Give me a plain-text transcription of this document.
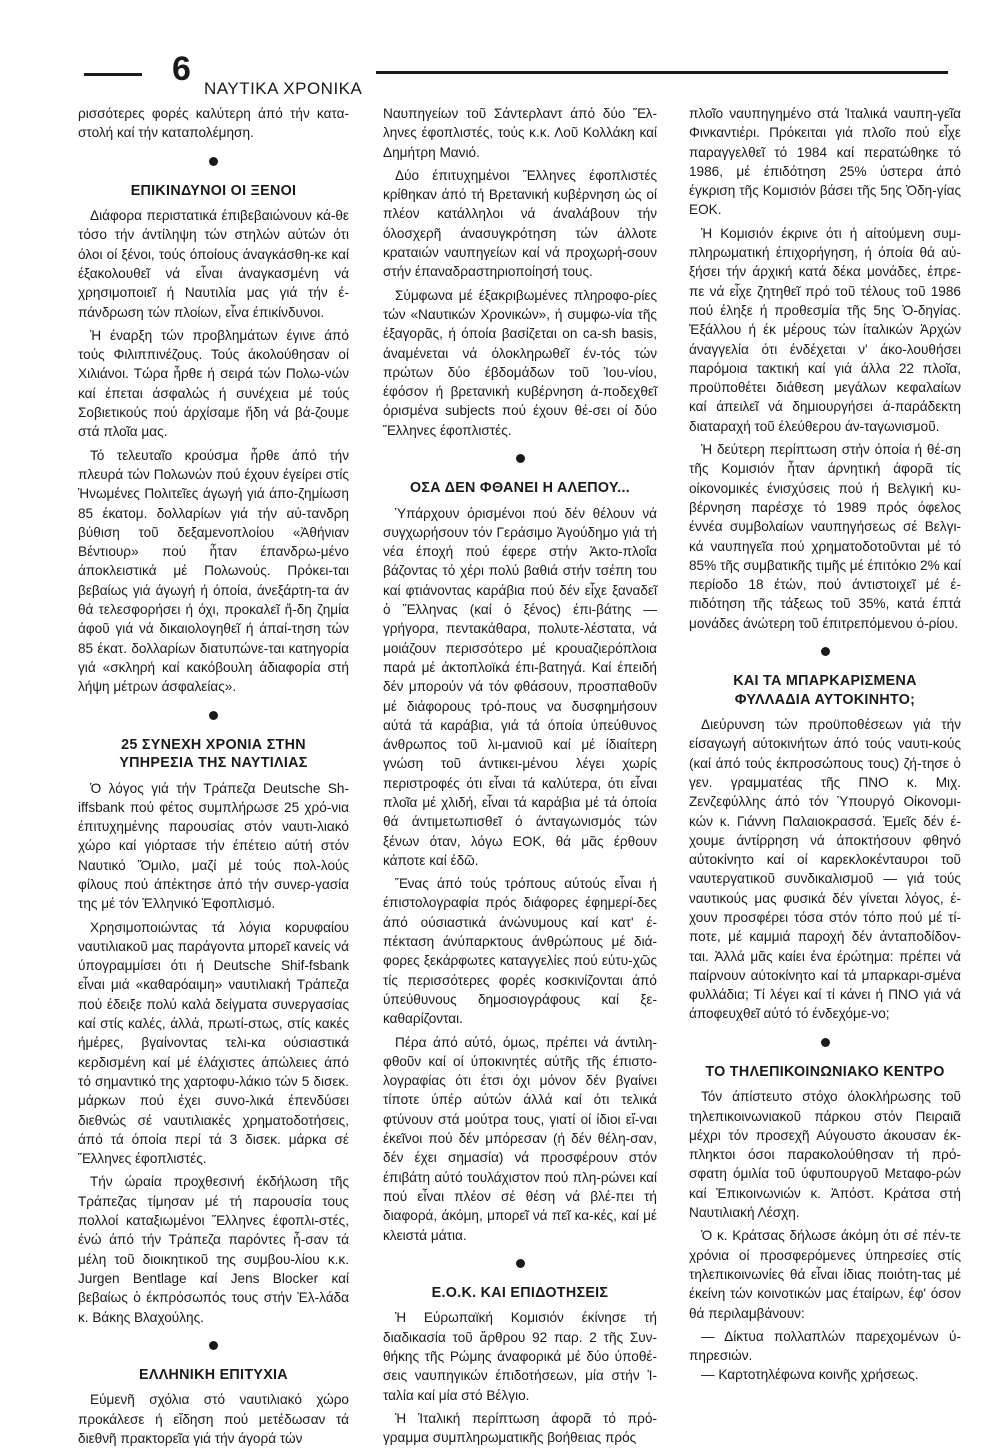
6
ΝΑΥΤΙΚΑ ΧΡΟΝΙΚΑ

ρισσότερες φορές καλύτερη άπό τήν κατα-στολή καί τήν καταπολέμηση.

ΕΠΙΚΙΝΔΥΝΟΙ ΟΙ ΞΕΝΟΙ

Διάφορα περιστατικά έπιβεβαιώνουν κά-θε τόσο τήν άντίληψη τών στηλών αύτών ότι όλοι οί ξένοι, τούς όποίους άναγκάσθη-κε καί έξακολουθεῖ νά εἶναι άναγκασμένη νά χρησιμοποιεῖ ή Ναυτιλία μας γιά τήν έ-πάνδρωση τών πλοίων, εἶνα έπικίνδυνοι.

Ἡ έναρξη τών προβλημάτων έγινε άπό τούς Φιλιππινέζους. Τούς άκολούθησαν οί Χιλιάνοι. Τώρα ἦρθε ή σειρά τών Πολω-νών καί έπεται άσφαλώς ή συνέχεια μέ τούς Σοβιετικούς πού άρχίσαμε ἤδη νά βά-ζουμε στά πλοῖα μας.

Τό τελευταῖο κρούσμα ἦρθε άπό τήν πλευρά τών Πολωνών πού έχουν έγείρει στίς Ἡνωμένες Πολιτεῖες άγωγή γιά άπο-ζημίωση 85 έκατομ. δολλαρίων γιά τήν αύ-τανδρη βύθιση τοῦ δεξαμενοπλοίου «Ἀθήνιαν Βέντιουρ» πού ἦταν έπανδρω-μένο άποκλειστικά μέ Πολωνούς. Πρόκει-ται βεβαίως γιά άγωγή ή όποία, άνεξάρτη-τα άν θά τελεσφορήσει ή όχι, προκαλεῖ ἤ-δη ζημία άφοῦ γιά νά δικαιολογηθεῖ ή άπαί-τηση τών 85 έκατ. δολλαρίων διατυπώνε-ται κατηγορία γιά «σκληρή καί κακόβουλη άδιαφορία στή λήψη μέτρων άσφαλείας».

25 ΣΥΝΕΧΗ ΧΡΟΝΙΑ ΣΤΗΝ
ΥΠΗΡΕΣΙΑ ΤΗΣ ΝΑΥΤΙΛΙΑΣ

Ὁ λόγος γιά τήν Τράπεζα Deutsche Sh-iffsbank πού φέτος συμπλήρωσε 25 χρό-νια έπιτυχημένης παρουσίας στόν ναυτι-λιακό χώρο καί γιόρτασε τήν έπέτειο αύτή στόν Ναυτικό Ὅμιλο, μαζί μέ τούς πολ-λούς φίλους πού άπέκτησε άπό τήν συνερ-γασία της μέ τόν Ἑλληνικό Ἐφοπλισμό.

Χρησιμοποιώντας τά λόγια κορυφαίου ναυτιλιακοῦ μας παράγοντα μπορεῖ κανείς νά ύπογραμμίσει ότι ή Deutsche Shif-fsbank εἶναι μιά «καθαρόαιμη» ναυτιλιακή Τράπεζα πού έδειξε πολύ καλά δείγματα συνεργασίας καί στίς καλές, άλλά, πρωτί-στως, στίς κακές ήμέρες, βγαίνοντας τελι-κα ούσιαστικά κερδισμένη καί μέ έλάχιστες άπώλειες άπό τό σημαντικό της χαρτοφυ-λάκιο τών 5 δισεκ. μάρκων πού έχει συνο-λικά έπενδύσει διεθνώς σέ ναυτιλιακές χρηματοδοτήσεις, άπό τά όποία περί τά 3 δισεκ. μάρκα σέ Ἕλληνες έφοπλιστές.

Τήν ώραία προχθεσινή έκδήλωση τῆς Τράπεζας τίμησαν μέ τή παρουσία τους πολλοί καταξιωμένοι Ἕλληνες έφοπλι-στές, ένώ άπό τήν Τράπεζα παρόντες ἦ-σαν τά μέλη τοῦ διοικητικοῦ της συμβου-λίου κ.κ. Jurgen Bentlage καί Jens Blocker καί βεβαίως ὁ έκπρόσωπός τους στήν Ἑλ-λάδα κ. Βάκης Βλαχούλης.

ΕΛΛΗΝΙΚΗ ΕΠΙΤΥΧΙΑ

Εύμενῆ σχόλια στό ναυτιλιακό χώρο προκάλεσε ή εἴδηση πού μετέδωσαν τά διεθνῆ πρακτορεῖα γιά τήν άγορά τών

Ναυπηγείων τοῦ Σάντερλαντ άπό δύο Ἕλ-ληνες έφοπλιστές, τούς κ.κ. Λοῦ Κολλάκη καί Δημήτρη Μανιό.

Δύο έπιτυχημένοι Ἕλληνες έφοπλιστές κρίθηκαν άπό τή Βρετανική κυβέρνηση ώς οί πλέον κατάλληλοι νά άναλάβουν τήν όλοσχερῆ άνασυγκρότηση τών άλλοτε κραταιών ναυπηγείων καί νά προχωρή-σουν στήν έπαναδραστηριοποίησή τους.

Σύμφωνα μέ έξακριβωμένες πληροφο-ρίες τών «Ναυτικών Χρονικών», ή συμφω-νία τῆς έξαγορᾶς, ή όποία βασίζεται on ca-sh basis, άναμένεται νά όλοκληρωθεῖ έν-τός τών πρώτων δύο έβδομάδων τοῦ Ἰου-νίου, έφόσον ή βρετανική κυβέρνηση ά-ποδεχθεῖ όρισμένα subjects πού έχουν θέ-σει οί δύο Ἕλληνες έφοπλιστές.

ΟΣΑ ΔΕΝ ΦΘΑΝΕΙ Η ΑΛΕΠΟΥ...

Ὑπάρχουν όρισμένοι πού δέν θέλουν νά συγχωρήσουν τόν Γεράσιμο Ἀγούδημο γιά τή νέα έποχή πού έφερε στήν Ἀκτο-πλοΐα βάζοντας τό χέρι πολύ βαθιά στήν τσέπη του καί φτιάνοντας καράβια πού δέν εἶχε ξαναδεῖ ὁ Ἕλληνας (καί ὁ ξένος) έπι-βάτης — γρήγορα, πεντακάθαρα, πολυτε-λέστατα, νά μοιάζουν περισσότερο μέ κρουαζιερόπλοια παρά μέ άκτοπλοϊκά έπι-βατηγά. Καί έπειδή δέν μπορούν νά τόν φθάσουν, προσπαθοῦν μέ διάφορους τρό-πους να δυσφημήσουν αύτά τά καράβια, γιά τά όποία ύπεύθυνος άνθρωπος τοῦ λι-μανιοῦ καί μέ ίδιαίτερη γνώση τοῦ άντικει-μένου λέγει χωρίς περιστροφές ότι εἶναι τά καλύτερα, ότι εἶναι πλοῖα μέ χλιδή, εἶναι τά καράβια μέ τά όποία θά άντιμετωπισθεῖ ό άνταγωνισμός τών ξένων όταν, λόγω ΕΟΚ, θά μᾶς έρθουν κάποτε καί έδῶ.

Ἕνας άπό τούς τρόπους αύτούς εἶναι ή έπιστολογραφία πρός διάφορες έφημερί-δες άπό ούσιαστικά άνώνυμους καί κατ' έ-πέκταση άνύπαρκτους άνθρώπους μέ διά-φορες ξεκάρφωτες καταγγελίες πού εύτυ-χῶς τίς περισσότερες φορές κοσκινίζονται άπό ύπεύθυνους δημοσιογράφους καί ξε-καθαρίζονται.

Πέρα άπό αύτό, όμως, πρέπει νά άντιλη-φθοῦν καί οί ύποκινητές αύτῆς τῆς έπιστο-λογραφίας ότι έτσι όχι μόνον δέν βγαίνει τίποτε ύπέρ αύτών άλλά καί ότι τελικά φτύνουν στά μούτρα τους, γιατί οί ίδιοι εἴ-ναι έκεῖνοι πού δέν μπόρεσαν (ή δέν θέλη-σαν, δέν έχει σημασία) νά προσφέρουν στόν έπιβάτη αύτό τουλάχιστον πού πλη-ρώνει καί πού εἶναι πλέον σέ θέση νά βλέ-πει τή διαφορά, άκόμη, μπορεῖ νά πεῖ κα-κές, καί μέ κλειστά μάτια.

Ε.Ο.Κ. ΚΑΙ ΕΠΙΔΟΤΗΣΕΙΣ

Ἡ Εύρωπαϊκή Κομισιόν έκίνησε τή διαδικασία τοῦ ἄρθρου 92 παρ. 2 τῆς Συν-θήκης τῆς Ρώμης άναφορικά μέ δύο ύποθέ-σεις ναυπηγικών έπιδοτήσεων, μία στήν Ἰ-ταλία καί μία στό Βέλγιο.

Ἡ Ἰταλική περίπτωση άφορᾶ τό πρό-γραμμα συμπληρωματικῆς βοήθειας πρός

πλοῖο ναυπηγημένο στά Ἰταλικά ναυπη-γεῖα Φινκαντιέρι. Πρόκειται γιά πλοῖο πού εἶχε παραγγελθεῖ τό 1984 καί περατώθηκε τό 1986, μέ έπιδότηση 25% ύστερα άπό έγκριση τῆς Κομισιόν βάσει τῆς 5ης Ὀδη-γίας ΕΟΚ.

Ἡ Κομισιόν έκρινε ότι ή αίτούμενη συμ-πληρωματική έπιχορήγηση, ή όποία θά αύ-ξήσει τήν άρχική κατά δέκα μονάδες, έπρε-πε νά εἶχε ζητηθεῖ πρό τοῦ τέλους τοῦ 1986 πού έληξε ή προθεσμία τῆς 5ης Ὀ-δηγίας. Ἐξάλλου ή έκ μέρους τών ίταλικών Ἀρχών άναγγελία ότι ένδέχεται ν' άκο-λουθήσει παρόμοια τακτική καί γιά άλλα 22 πλοῖα, προϋποθέτει διάθεση μεγάλων κεφαλαίων καί άπειλεῖ νά δημιουργήσει ά-παράδεκτη διαταραχή τοῦ έλεύθερου άν-ταγωνισμοῦ.

Ἡ δεύτερη περίπτωση στήν όποία ή θέ-ση τῆς Κομισιόν ἦταν άρνητική άφορᾶ τίς οίκονομικές ένισχύσεις πού ή Βελγική κυ-βέρνηση παρέσχε τό 1989 πρός όφελος έννέα συμβολαίων ναυπηγήσεως σέ Βελγι-κά ναυπηγεῖα πού χρηματοδοτοῦνται μέ τό 85% τῆς συμβατικῆς τιμῆς μέ έπιτόκιο 2% καί περίοδο 18 έτών, πού άντιστοιχεῖ μέ έ-πιδότηση τῆς τάξεως τοῦ 35%, κατά έπτά μονάδες άνώτερη τοῦ έπιτρεπόμενου ό-ρίου.

ΚΑΙ ΤΑ ΜΠΑΡΚΑΡΙΣΜΕΝΑ
ΦΥΛΛΑΔΙΑ ΑΥΤΟΚΙΝΗΤΟ;

Διεύρυνση τών προϋποθέσεων γιά τήν είσαγωγή αύτοκινήτων άπό τούς ναυτι-κούς (καί άπό τούς έκπροσώπους τους) ζή-τησε ὁ γεν. γραμματέας τῆς ΠΝΟ κ. Μιχ. Ζενζεφύλλης άπό τόν Ὑπουργό Οίκονομι-κών κ. Γιάννη Παλαιοκρασσά. Ἐμεῖς δέν έ-χουμε άντίρρηση νά άποκτήσουν φθηνό αύτοκίνητο καί οί καρεκλοκένταυροι τοῦ ναυτεργατικοῦ συνδικαλισμοῦ — γιά τούς ναυτικούς μας φυσικά δέν γίνεται λόγος, έ-χουν προσφέρει τόσα στόν τόπο πού μέ τί-ποτε, μέ καμμιά παροχή δέν άνταποδίδον-ται. Ἀλλά μᾶς καίει ένα έρώτημα: πρέπει νά παίρνουν αύτοκίνητο καί τά μπαρκαρι-σμένα φυλλάδια; Τί λέγει καί τί κάνει ή ΠΝΟ γιά νά άποφευχθεῖ αύτό τό ένδεχόμε-νο;

ΤΟ ΤΗΛΕΠΙΚΟΙΝΩΝΙΑΚΟ ΚΕΝΤΡΟ

Τόν άπίστευτο στόχο όλοκλήρωσης τοῦ τηλεπικοινωνιακοῦ πάρκου στόν Πειραιᾶ μέχρι τόν προσεχῆ Αύγουστο άκουσαν έκ-πληκτοι όσοι παρακολούθησαν τή πρό-σφατη όμιλία τοῦ ύφυπουργοῦ Μεταφο-ρών καί Ἐπικοινωνιών κ. Ἀπόστ. Κράτσα στή Ναυτιλιακή Λέσχη.

Ὁ κ. Κράτσας δήλωσε άκόμη ότι σέ πέν-τε χρόνια οί προσφερόμενες ύπηρεσίες στίς τηλεπικοινωνίες θά εἶναι ίδιας ποιότη-τας μέ έκείνη τών κοινοτικών μας έταίρων, έφ' όσον θά περιλαμβάνουν:

— Δίκτυα πολλαπλών παρεχομένων ύ-πηρεσιών.

— Καρτοτηλέφωνα κοινῆς χρήσεως.
